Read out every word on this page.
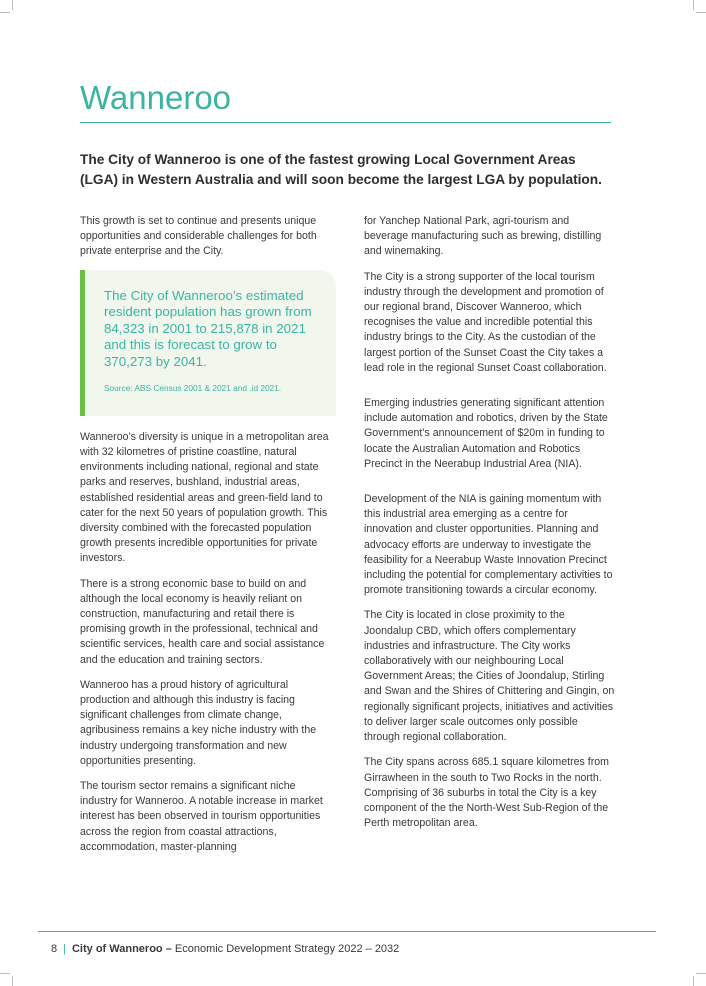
Wanneroo

The City of Wanneroo is one of the fastest growing Local Government Areas (LGA) in Western Australia and will soon become the largest LGA by population.

This growth is set to continue and presents unique opportunities and considerable challenges for both private enterprise and the City.

The City of Wanneroo’s estimated resident population has grown from 84,323 in 2001 to 215,878 in 2021 and this is forecast to grow to 370,273 by 2041.

Source: ABS Census 2001 & 2021 and .id 2021.

Wanneroo’s diversity is unique in a metropolitan area with 32 kilometres of pristine coastline, natural environments including national, regional and state parks and reserves, bushland, industrial areas, established residential areas and green-field land to cater for the next 50 years of population growth. This diversity combined with the forecasted population growth presents incredible opportunities for private investors.

There is a strong economic base to build on and although the local economy is heavily reliant on construction, manufacturing and retail there is promising growth in the professional, technical and scientific services, health care and social assistance and the education and training sectors.

Wanneroo has a proud history of agricultural production and although this industry is facing significant challenges from climate change, agribusiness remains a key niche industry with the industry undergoing transformation and new opportunities presenting.

The tourism sector remains a significant niche industry for Wanneroo. A notable increase in market interest has been observed in tourism opportunities across the region from coastal attractions, accommodation, master-planning

for Yanchep National Park, agri-tourism and beverage manufacturing such as brewing, distilling and winemaking.

The City is a strong supporter of the local tourism industry through the development and promotion of our regional brand, Discover Wanneroo, which recognises the value and incredible potential this industry brings to the City. As the custodian of the largest portion of the Sunset Coast the City takes a lead role in the regional Sunset Coast collaboration.

Emerging industries generating significant attention include automation and robotics, driven by the State Government’s announcement of $20m in funding to locate the Australian Automation and Robotics Precinct in the Neerabup Industrial Area (NIA).

Development of the NIA is gaining momentum with this industrial area emerging as a centre for innovation and cluster opportunities. Planning and advocacy efforts are underway to investigate the feasibility for a Neerabup Waste Innovation Precinct including the potential for complementary activities to promote transitioning towards a circular economy.

The City is located in close proximity to the Joondalup CBD, which offers complementary industries and infrastructure. The City works collaboratively with our neighbouring Local Government Areas; the Cities of Joondalup, Stirling and Swan and the Shires of Chittering and Gingin, on regionally significant projects, initiatives and activities to deliver larger scale outcomes only possible through regional collaboration.

The City spans across 685.1 square kilometres from Girrawheen in the south to Two Rocks in the north. Comprising of 36 suburbs in total the City is a key component of the the North-West Sub-Region of the Perth metropolitan area.

8 | City of Wanneroo – Economic Development Strategy 2022 – 2032
